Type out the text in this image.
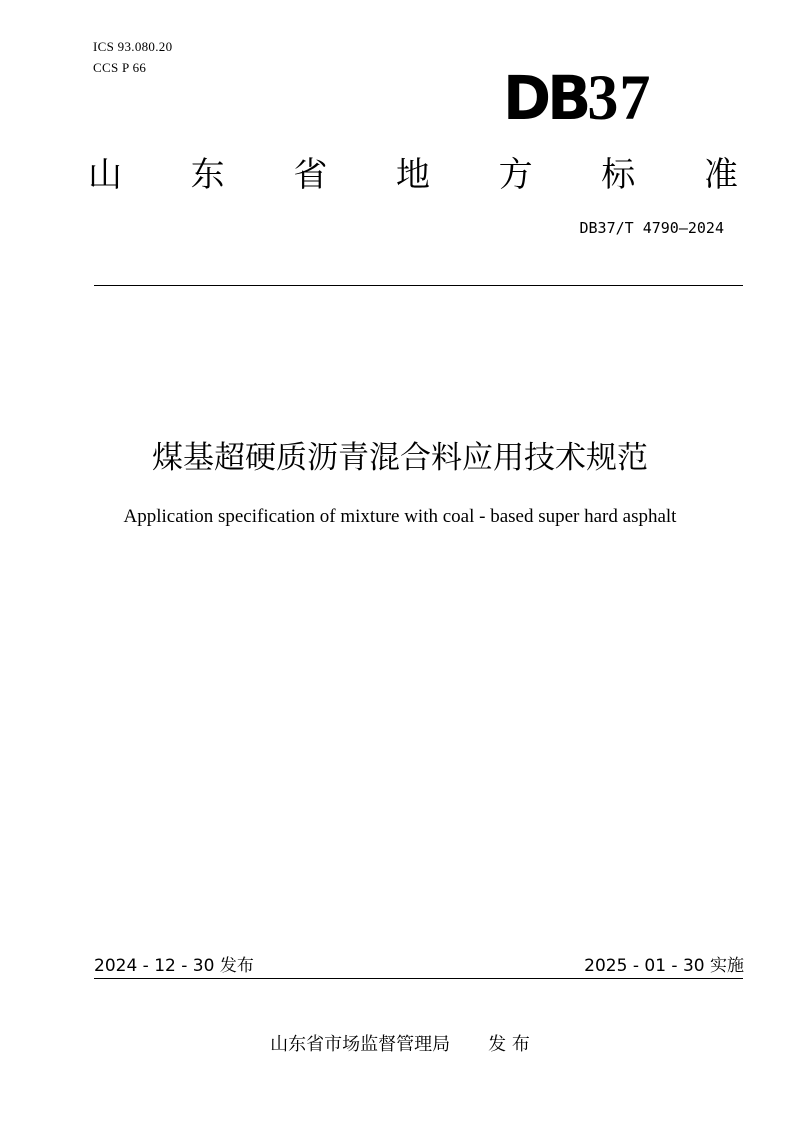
ICS 93.080.20
CCS P 66	DB37
山 东 省 地 方 标 准
DB37/T 4790—2024
煤基超硬质沥青混合料应用技术规范
Application specification of mixture with coal - based super hard asphalt
2024 - 12 - 30 发布	2025 - 01 - 30 实施
山东省市场监督管理局 发 布
